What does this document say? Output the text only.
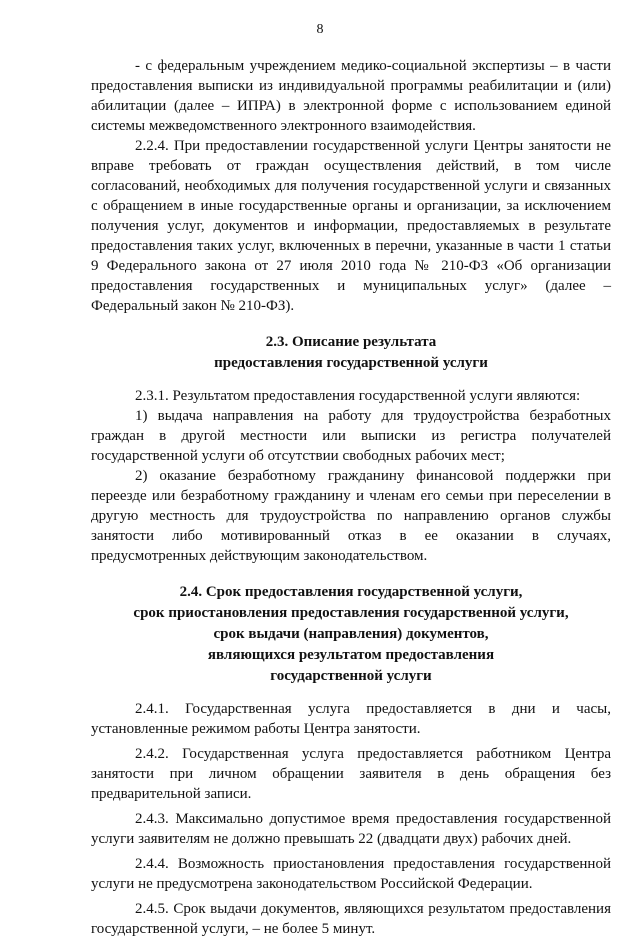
8

- с федеральным учреждением медико-социальной экспертизы – в части предоставления выписки из индивидуальной программы реабилитации и (или) абилитации (далее – ИПРА) в электронной форме с использованием единой системы межведомственного электронного взаимодействия.

2.2.4. При предоставлении государственной услуги Центры занятости не вправе требовать от граждан осуществления действий, в том числе согласований, необходимых для получения государственной услуги и связанных с обращением в иные государственные органы и организации, за исключением получения услуг, документов и информации, предоставляемых в результате предоставления таких услуг, включенных в перечни, указанные в части 1 статьи 9 Федерального закона от 27 июля 2010 года № 210-ФЗ «Об организации предоставления государственных и муниципальных услуг» (далее – Федеральный закон № 210-ФЗ).

2.3. Описание результата

предоставления государственной услуги

2.3.1. Результатом предоставления государственной услуги являются:

1) выдача направления на работу для трудоустройства безработных граждан в другой местности или выписки из регистра получателей государственной услуги об отсутствии свободных рабочих мест;

2) оказание безработному гражданину финансовой поддержки при переезде или безработному гражданину и членам его семьи при переселении в другую местность для трудоустройства по направлению органов службы занятости либо мотивированный отказ в ее оказании в случаях, предусмотренных действующим законодательством.

2.4. Срок предоставления государственной услуги,

срок приостановления предоставления государственной услуги,

срок выдачи (направления) документов,

являющихся результатом предоставления

государственной услуги

2.4.1. Государственная услуга предоставляется в дни и часы, установленные режимом работы Центра занятости.

2.4.2. Государственная услуга предоставляется работником Центра занятости при личном обращении заявителя в день обращения без предварительной записи.

2.4.3. Максимально допустимое время предоставления государственной услуги заявителям не должно превышать 22 (двадцати двух) рабочих дней.

2.4.4. Возможность приостановления предоставления государственной услуги не предусмотрена законодательством Российской Федерации.

2.4.5. Срок выдачи документов, являющихся результатом предоставления государственной услуги, – не более 5 минут.
